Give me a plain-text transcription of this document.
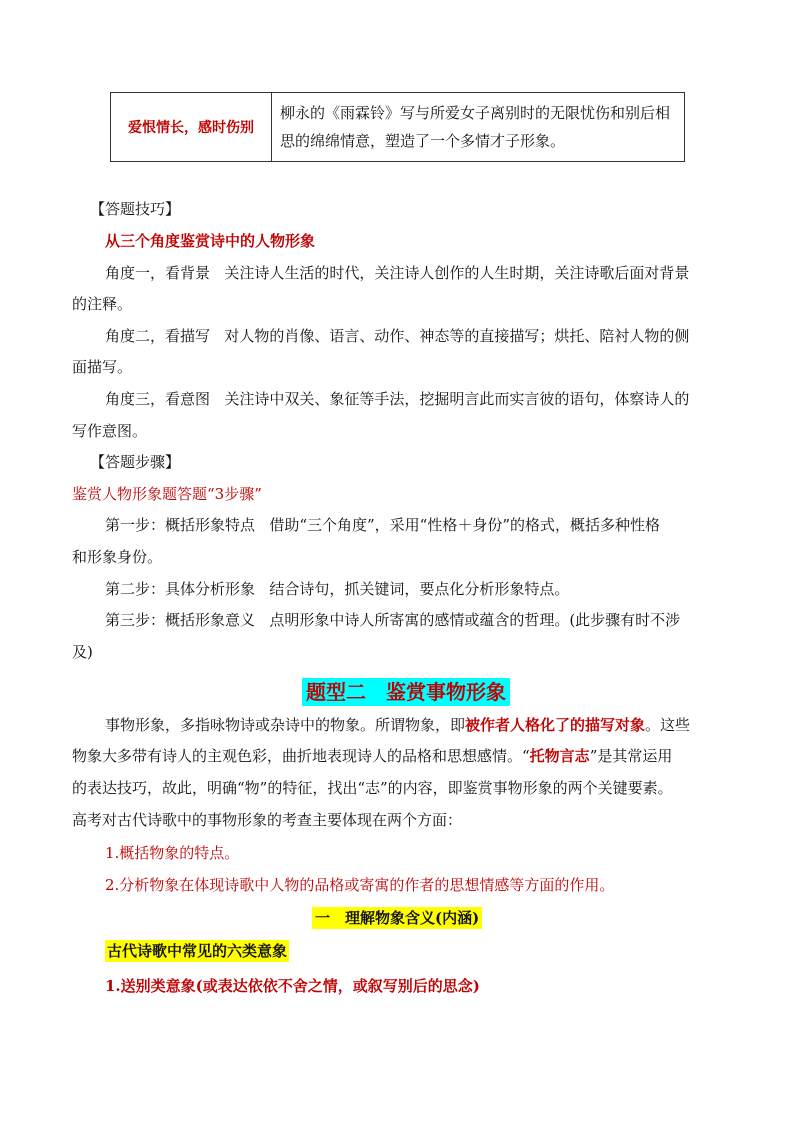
爱恨情长，感时伤别	柳永的《雨霖铃》写与所爱女子离别时的无限忧伤和别后相思的绵绵情意，塑造了一个多情才子形象。
【答题技巧】
从三个角度鉴赏诗中的人物形象
角度一，看背景 关注诗人生活的时代，关注诗人创作的人生时期，关注诗歌后面对背景
的注释。
角度二，看描写 对人物的肖像、语言、动作、神态等的直接描写；烘托、陪衬人物的侧
面描写。
角度三，看意图 关注诗中双关、象征等手法，挖掘明言此而实言彼的语句，体察诗人的
写作意图。
【答题步骤】
鉴赏人物形象题答题“3步骤”
第一步：概括形象特点 借助“三个角度”，采用“性格＋身份”的格式，概括多种性格
和形象身份。
第二步：具体分析形象 结合诗句，抓关键词，要点化分析形象特点。
第三步：概括形象意义 点明形象中诗人所寄寓的感情或蕴含的哲理。(此步骤有时不涉
及)
题型二　鉴赏事物形象
事物形象，多指咏物诗或杂诗中的物象。所谓物象，即被作者人格化了的描写对象。这些
物象大多带有诗人的主观色彩，曲折地表现诗人的品格和思想感情。“托物言志”是其常运用
的表达技巧，故此，明确“物”的特征，找出“志”的内容，即鉴赏事物形象的两个关键要素。
高考对古代诗歌中的事物形象的考查主要体现在两个方面：
1.概括物象的特点。
2.分析物象在体现诗歌中人物的品格或寄寓的作者的思想情感等方面的作用。
一　理解物象含义(内涵)
古代诗歌中常见的六类意象
1.送别类意象(或表达依依不舍之情，或叙写别后的思念)
